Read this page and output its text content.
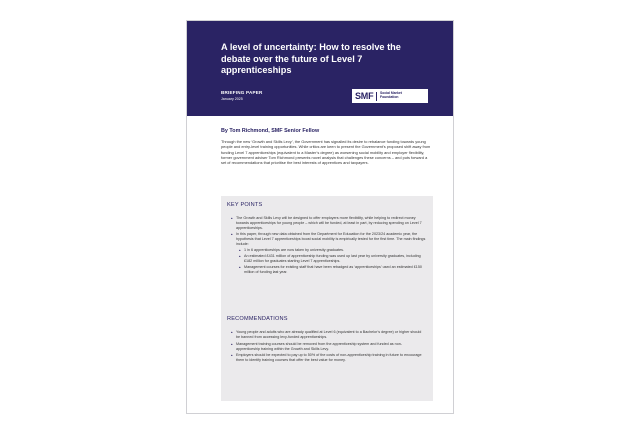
A level of uncertainty: How to resolve the debate over the future of Level 7 apprenticeships

BRIEFING PAPER

January 2025	SMF	Social Market
Foundation

By Tom Richmond, SMF Senior Fellow

Through the new ‘Growth and Skills Levy’, the Government has signalled its desire to rebalance funding towards young people and entry-level training opportunities. While critics are keen to present the Government’s proposed shift away from funding Level 7 apprenticeships (equivalent to a Master’s degree) as worsening social mobility and employer flexibility, former government adviser Tom Richmond presents novel analysis that challenges these concerns – and puts forward a set of recommendations that prioritise the best interests of apprentices and taxpayers.

KEY POINTS
• The Growth and Skills Levy will be designed to offer employers more flexibility, while helping to redirect money towards apprenticeships for young people – which will be funded, at least in part, by reducing spending on Level 7 apprenticeships.
• In this paper, through new data obtained from the Department for Education for the 2023/24 academic year, the hypothesis that Level 7 apprenticeships boost social mobility is empirically tested for the first time. The main findings include:
• 1 in 6 apprenticeships are now taken by university graduates.
• An estimated £431 million of apprenticeship funding was used up last year by university graduates, including £182 million for graduates starting Level 7 apprenticeships.
• Management courses for existing staff that have been rebadged as ‘apprenticeships’ used an estimated £150 million of funding last year.
RECOMMENDATIONS
• Young people and adults who are already qualified at Level 6 (equivalent to a Bachelor’s degree) or higher should be banned from accessing levy-funded apprenticeships.
• Management training courses should be removed from the apprenticeship system and funded as non-apprenticeship training within the Growth and Skills Levy.
• Employers should be expected to pay up to 50% of the costs of non-apprenticeship training in future to encourage them to identify training courses that offer the best value for money.
